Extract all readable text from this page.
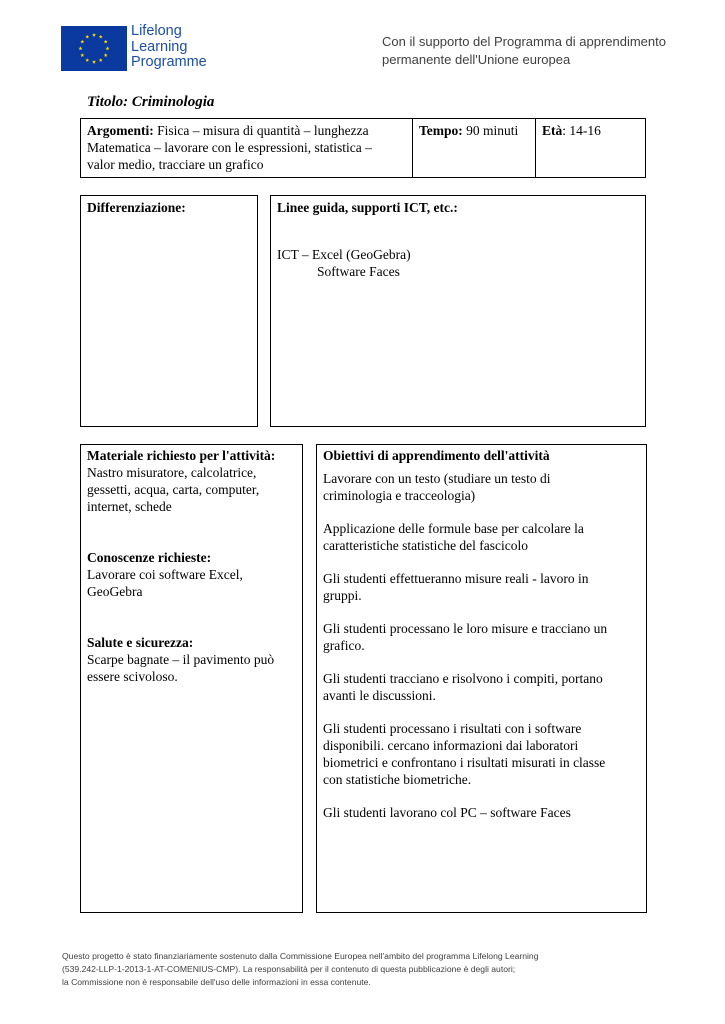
Lifelong
Learning
Programme
Con il supporto del Programma di apprendimento
permanente dell'Unione europea
Titolo: Criminologia
Argomenti: Fisica – misura di quantità – lunghezza
Matematica – lavorare con le espressioni, statistica –
valor medio, tracciare un grafico
Tempo: 90 minuti	Età: 14-16
Differenziazione:	Linee guida, supporti ICT, etc.:
ICT – Excel (GeoGebra)
Software Faces
Materiale richiesto per l'attività:
Nastro misuratore, calcolatrice,
gessetti, acqua, carta, computer,
internet, schede
Conoscenze richieste:
Lavorare coi software Excel,
GeoGebra
Salute e sicurezza:
Scarpe bagnate – il pavimento può
essere scivoloso.
Obiettivi di apprendimento dell'attività
Lavorare con un testo (studiare un testo di
criminologia e tracceologia)
Applicazione delle formule base per calcolare la
caratteristiche statistiche del fascicolo
Gli studenti effettueranno misure reali - lavoro in
gruppi.
Gli studenti processano le loro misure e tracciano un
grafico.
Gli studenti tracciano e risolvono i compiti, portano
avanti le discussioni.
Gli studenti processano i risultati con i software
disponibili. cercano informazioni dai laboratori
biometrici e confrontano i risultati misurati in classe
con statistiche biometriche.
Gli studenti lavorano col PC – software Faces
Questo progetto è stato finanziariamente sostenuto dalla Commissione Europea nell'ambito del programma Lifelong Learning
(539.242-LLP-1-2013-1-AT-COMENIUS-CMP). La responsabilità per il contenuto di questa pubblicazione è degli autori;
la Commissione non è responsabile dell'uso delle informazioni in essa contenute.
